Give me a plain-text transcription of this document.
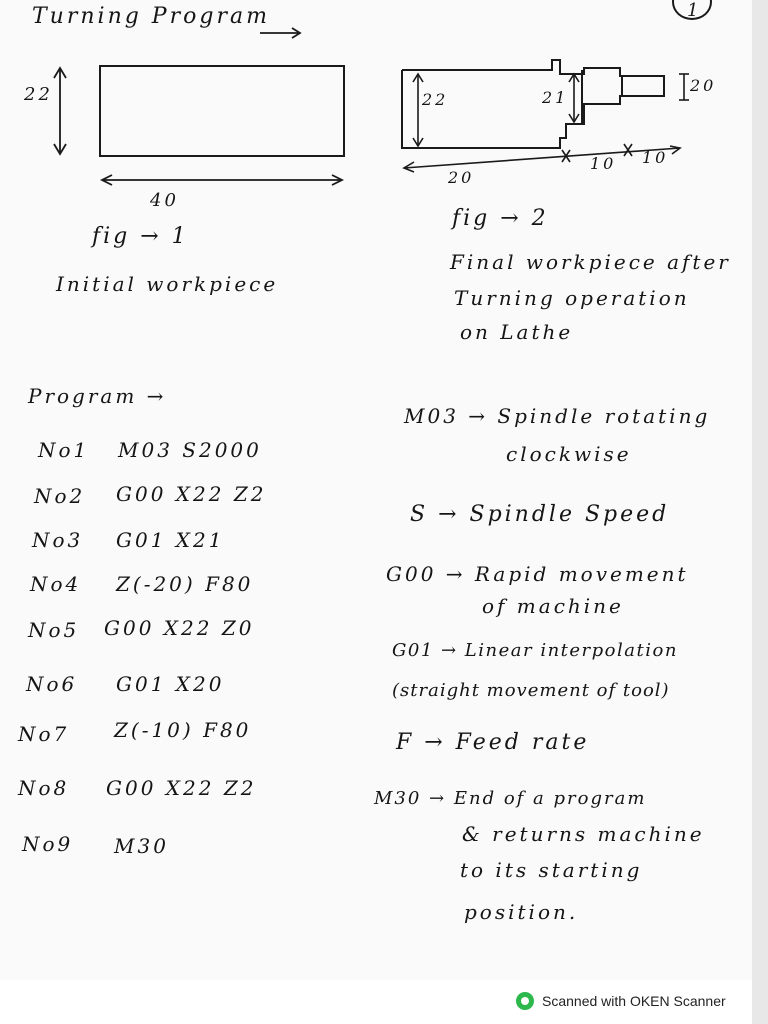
1
Turning Program
22
40
fig → 1
Initial workpiece
22	21
20
20
10 10
fig → 2
Final workpiece after
Turning operation
on Lathe
Program →
No1 M03 S2000
No2 G00 X22 Z2
No3 G01 X21
No4 Z(-20) F80
No5 G00 X22 Z0
No6 G01 X20
No7 Z(-10) F80
No8 G00 X22 Z2
No9 M30
M03 → Spindle rotating
clockwise
S → Spindle Speed
G00 → Rapid movement
of machine
G01 → Linear interpolation
(straight movement of tool)
F → Feed rate
M30 → End of a program
& returns machine
to its starting
position.
Scanned with OKEN Scanner
